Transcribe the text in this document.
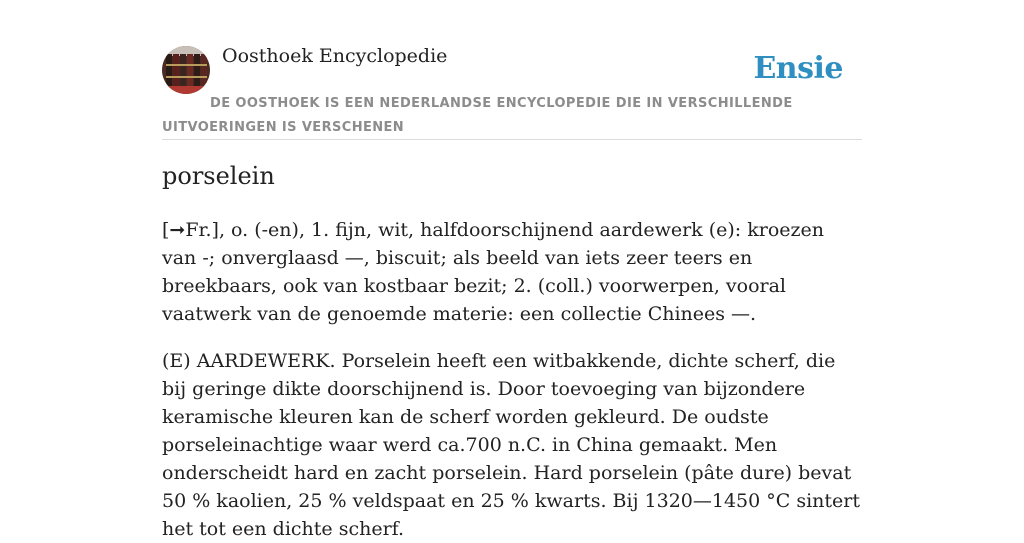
Oosthoek Encyclopedie	Ensie
DE OOSTHOEK IS EEN NEDERLANDSE ENCYCLOPEDIE DIE IN VERSCHILLENDE UITVOERINGEN IS VERSCHENEN
porselein

[➞Fr.], o. (-en), 1. fijn, wit, halfdoorschijnend aardewerk (e): kroezen van -; onverglaasd —, biscuit; als beeld van iets zeer teers en breekbaars, ook van kostbaar bezit; 2. (coll.) voorwerpen, vooral vaatwerk van de genoemde materie: een collectie Chinees —.

(E) AARDEWERK. Porselein heeft een witbakkende, dichte scherf, die bij geringe dikte doorschijnend is. Door toevoeging van bijzondere keramische kleuren kan de scherf worden gekleurd. De oudste porseleinachtige waar werd ca.700 n.C. in China gemaakt. Men onderscheidt hard en zacht porselein. Hard porselein (pâte dure) bevat 50 % kaolien, 25 % veldspaat en 25 % kwarts. Bij 1320—1450 °C sintert het tot een dichte scherf.
